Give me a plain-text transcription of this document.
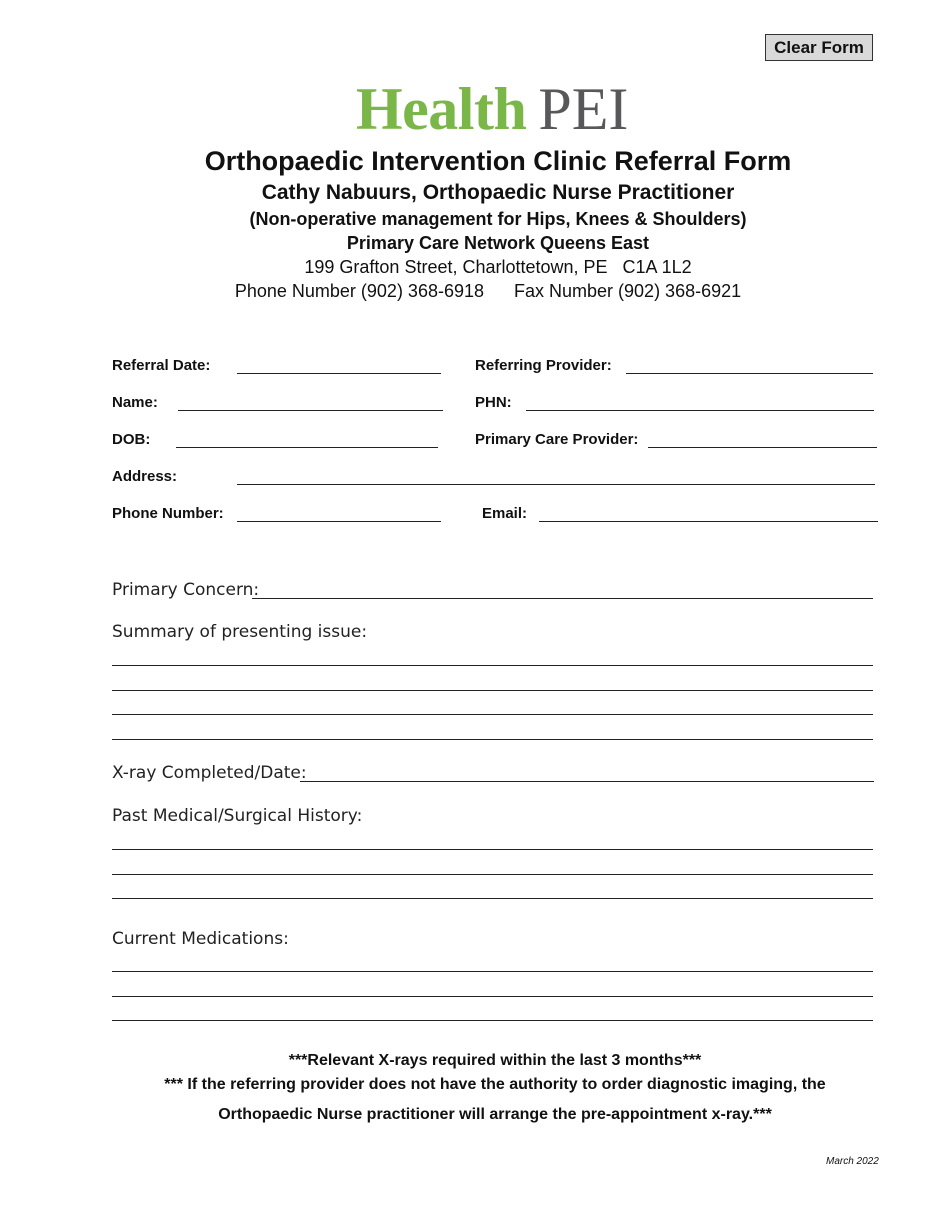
Clear Form
Health PEI
Orthopaedic Intervention Clinic Referral Form
Cathy Nabuurs, Orthopaedic Nurse Practitioner
(Non-operative management for Hips, Knees & Shoulders)
Primary Care Network Queens East
199 Grafton Street, Charlottetown, PE   C1A 1L2
Phone Number (902) 368-6918      Fax Number (902) 368-6921
Referral Date:	Referring Provider:
Name:	PHN:
DOB:	Primary Care Provider:
Address:
Phone Number:	Email:
Primary Concern:
Summary of presenting issue:
X-ray Completed/Date:
Past Medical/Surgical History:
Current Medications:
***Relevant X-rays required within the last 3 months***
*** If the referring provider does not have the authority to order diagnostic imaging, the
Orthopaedic Nurse practitioner will arrange the pre-appointment x-ray.***
March 2022
